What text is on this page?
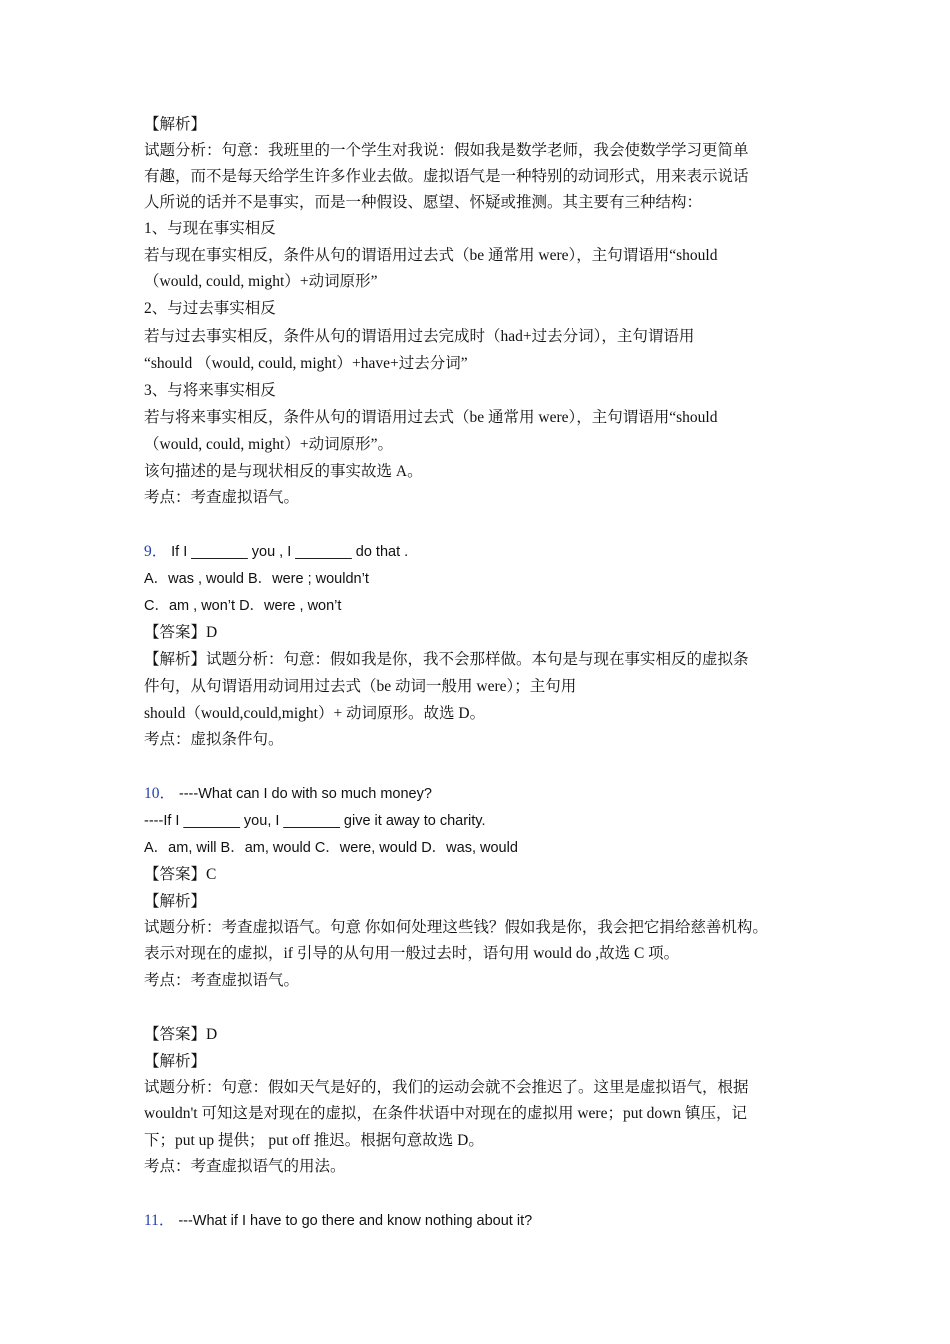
【解析】
试题分析：句意：我班里的一个学生对我说：假如我是数学老师，我会使数学学习更简单
有趣，而不是每天给学生许多作业去做。虚拟语气是一种特别的动词形式，用来表示说话
人所说的话并不是事实，而是一种假设、愿望、怀疑或推测。其主要有三种结构：
1、与现在事实相反
若与现在事实相反，条件从句的谓语用过去式（be 通常用 were），主句谓语用“should
（would, could, might）+动词原形”
2、与过去事实相反
若与过去事实相反，条件从句的谓语用过去完成时（had+过去分词），主句谓语用
“should （would, could, might）+have+过去分词”
3、与将来事实相反
若与将来事实相反，条件从句的谓语用过去式（be 通常用 were），主句谓语用“should
（would, could, might）+动词原形”。
该句描述的是与现状相反的事实故选 A。
考点：考查虚拟语气。
9． If I _______ you , I _______ do that .
A．was , would B．were ; wouldn’t
C．am , won’t D．were , won’t
【答案】D
【解析】试题分析：句意：假如我是你，我不会那样做。本句是与现在事实相反的虚拟条
件句，从句谓语用动词用过去式（be 动词一般用 were）；主句用
should（would,could,might）+ 动词原形。故选 D。
考点：虚拟条件句。
10． ----What can I do with so much money?
----If I _______ you, I _______ give it away to charity.
A．am, will B．am, would C．were, would D．was, would
【答案】C
【解析】
试题分析：考查虚拟语气。句意 你如何处理这些钱？假如我是你，我会把它捐给慈善机构。
表示对现在的虚拟，if 引导的从句用一般过去时，语句用 would do ,故选 C 项。
考点：考查虚拟语气。
【答案】D
【解析】
试题分析：句意：假如天气是好的，我们的运动会就不会推迟了。这里是虚拟语气，根据
wouldn't 可知这是对现在的虚拟，在条件状语中对现在的虚拟用 were；put down 镇压，记
下；put up 提供； put off 推迟。根据句意故选 D。
考点：考查虚拟语气的用法。
11． ---What if I have to go there and know nothing about it?
